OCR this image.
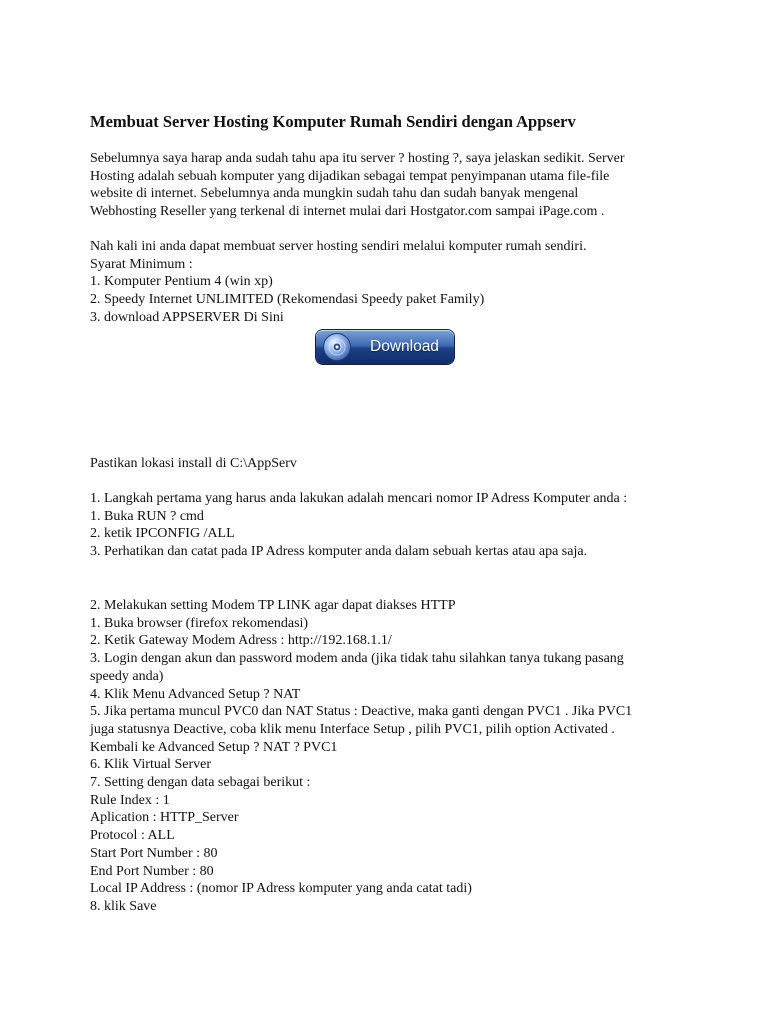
Membuat Server Hosting Komputer Rumah Sendiri dengan Appserv
Sebelumnya saya harap anda sudah tahu apa itu server ? hosting ?, saya jelaskan sedikit. Server
Hosting adalah sebuah komputer yang dijadikan sebagai tempat penyimpanan utama file-file
website di internet. Sebelumnya anda mungkin sudah tahu dan sudah banyak mengenal
Webhosting Reseller yang terkenal di internet mulai dari Hostgator.com sampai iPage.com .
Nah kali ini anda dapat membuat server hosting sendiri melalui komputer rumah sendiri.
Syarat Minimum :
1. Komputer Pentium 4 (win xp)
2. Speedy Internet UNLIMITED (Rekomendasi Speedy paket Family)
3. download APPSERVER Di Sini
Download
Pastikan lokasi install di C:\AppServ
1. Langkah pertama yang harus anda lakukan adalah mencari nomor IP Adress Komputer anda :
1. Buka RUN ? cmd
2. ketik IPCONFIG /ALL
3. Perhatikan dan catat pada IP Adress komputer anda dalam sebuah kertas atau apa saja.
2. Melakukan setting Modem TP LINK agar dapat diakses HTTP
1. Buka browser (firefox rekomendasi)
2. Ketik Gateway Modem Adress : http://192.168.1.1/
3. Login dengan akun dan password modem anda (jika tidak tahu silahkan tanya tukang pasang
speedy anda)
4. Klik Menu Advanced Setup ? NAT
5. Jika pertama muncul PVC0 dan NAT Status : Deactive, maka ganti dengan PVC1 . Jika PVC1
juga statusnya Deactive, coba klik menu Interface Setup , pilih PVC1, pilih option Activated .
Kembali ke Advanced Setup ? NAT ? PVC1
6. Klik Virtual Server
7. Setting dengan data sebagai berikut :
Rule Index : 1
Aplication : HTTP_Server
Protocol : ALL
Start Port Number : 80
End Port Number : 80
Local IP Address : (nomor IP Adress komputer yang anda catat tadi)
8. klik Save
